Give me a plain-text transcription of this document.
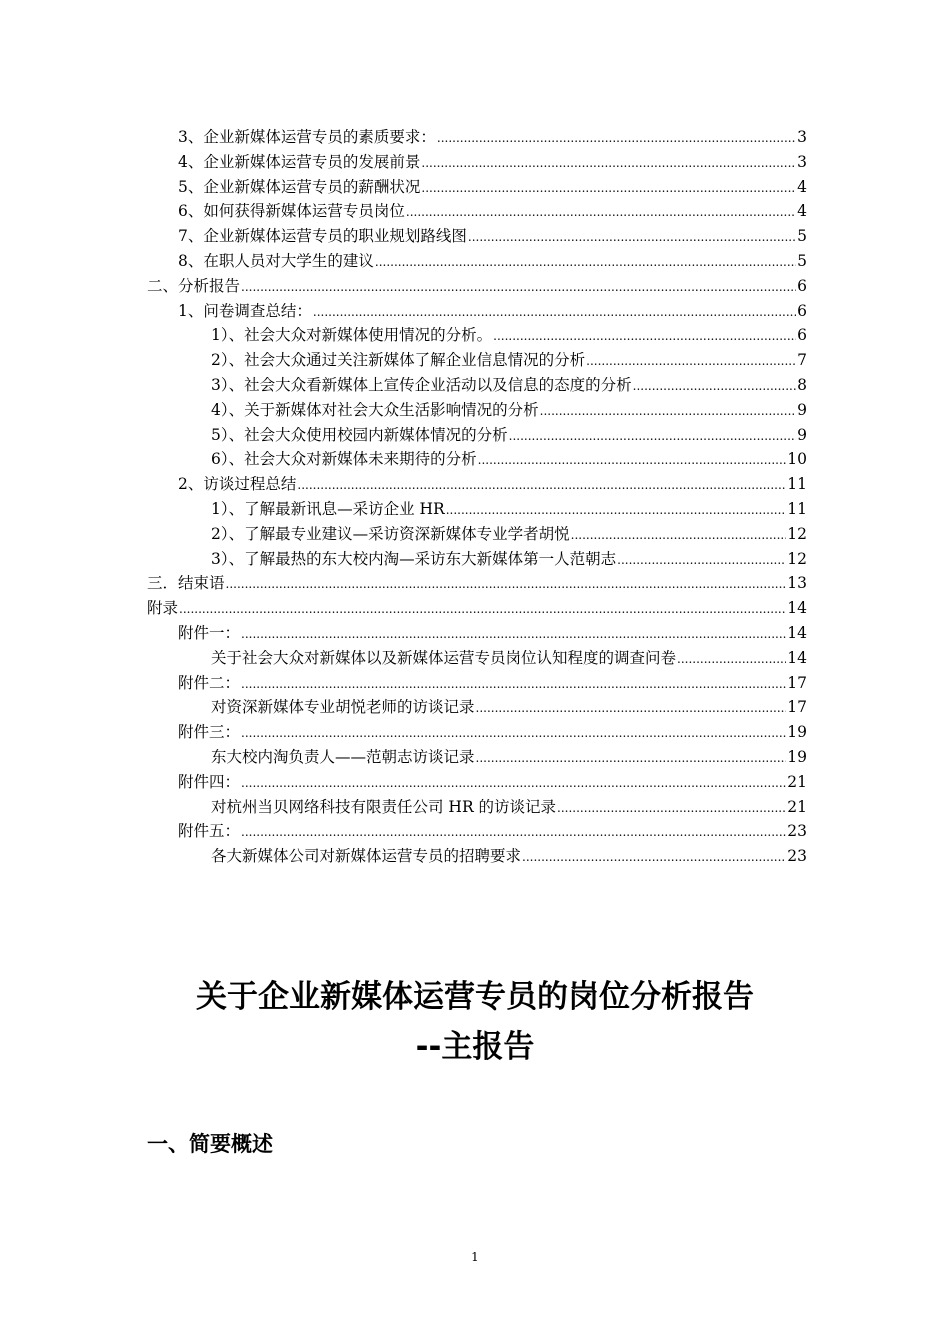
3、企业新媒体运营专员的素质要求： .....	3
4、企业新媒体运营专员的发展前景 .....	3
5、企业新媒体运营专员的薪酬状况 .....	4
6、如何获得新媒体运营专员岗位 .....	4
7、企业新媒体运营专员的职业规划路线图 .....	5
8、在职人员对大学生的建议 .....	5
二、分析报告 .....	6
1、问卷调查总结： .....	6
1）、社会大众对新媒体使用情况的分析。 .....	6
2）、社会大众通过关注新媒体了解企业信息情况的分析 .....	7
3）、社会大众看新媒体上宣传企业活动以及信息的态度的分析 .....	8
4）、关于新媒体对社会大众生活影响情况的分析 .....	9
5）、社会大众使用校园内新媒体情况的分析 .....	9
6）、社会大众对新媒体未来期待的分析 .....	10
2、访谈过程总结 .....	11
1）、了解最新讯息—采访企业 HR .....	11
2）、了解最专业建议—采访资深新媒体专业学者胡悦 .....	12
3）、了解最热的东大校内淘—采访东大新媒体第一人范朝志 .....	12
三．结束语 .....	13
附录 .....	14
附件一： .....	14
关于社会大众对新媒体以及新媒体运营专员岗位认知程度的调查问卷 .....	14
附件二： .....	17
对资深新媒体专业胡悦老师的访谈记录 .....	17
附件三： .....	19
东大校内淘负责人——范朝志访谈记录 .....	19
附件四： .....	21
对杭州当贝网络科技有限责任公司 HR 的访谈记录 .....	21
附件五： .....	23
各大新媒体公司对新媒体运营专员的招聘要求 .....	23
关于企业新媒体运营专员的岗位分析报告
--主报告
一、简要概述
1
